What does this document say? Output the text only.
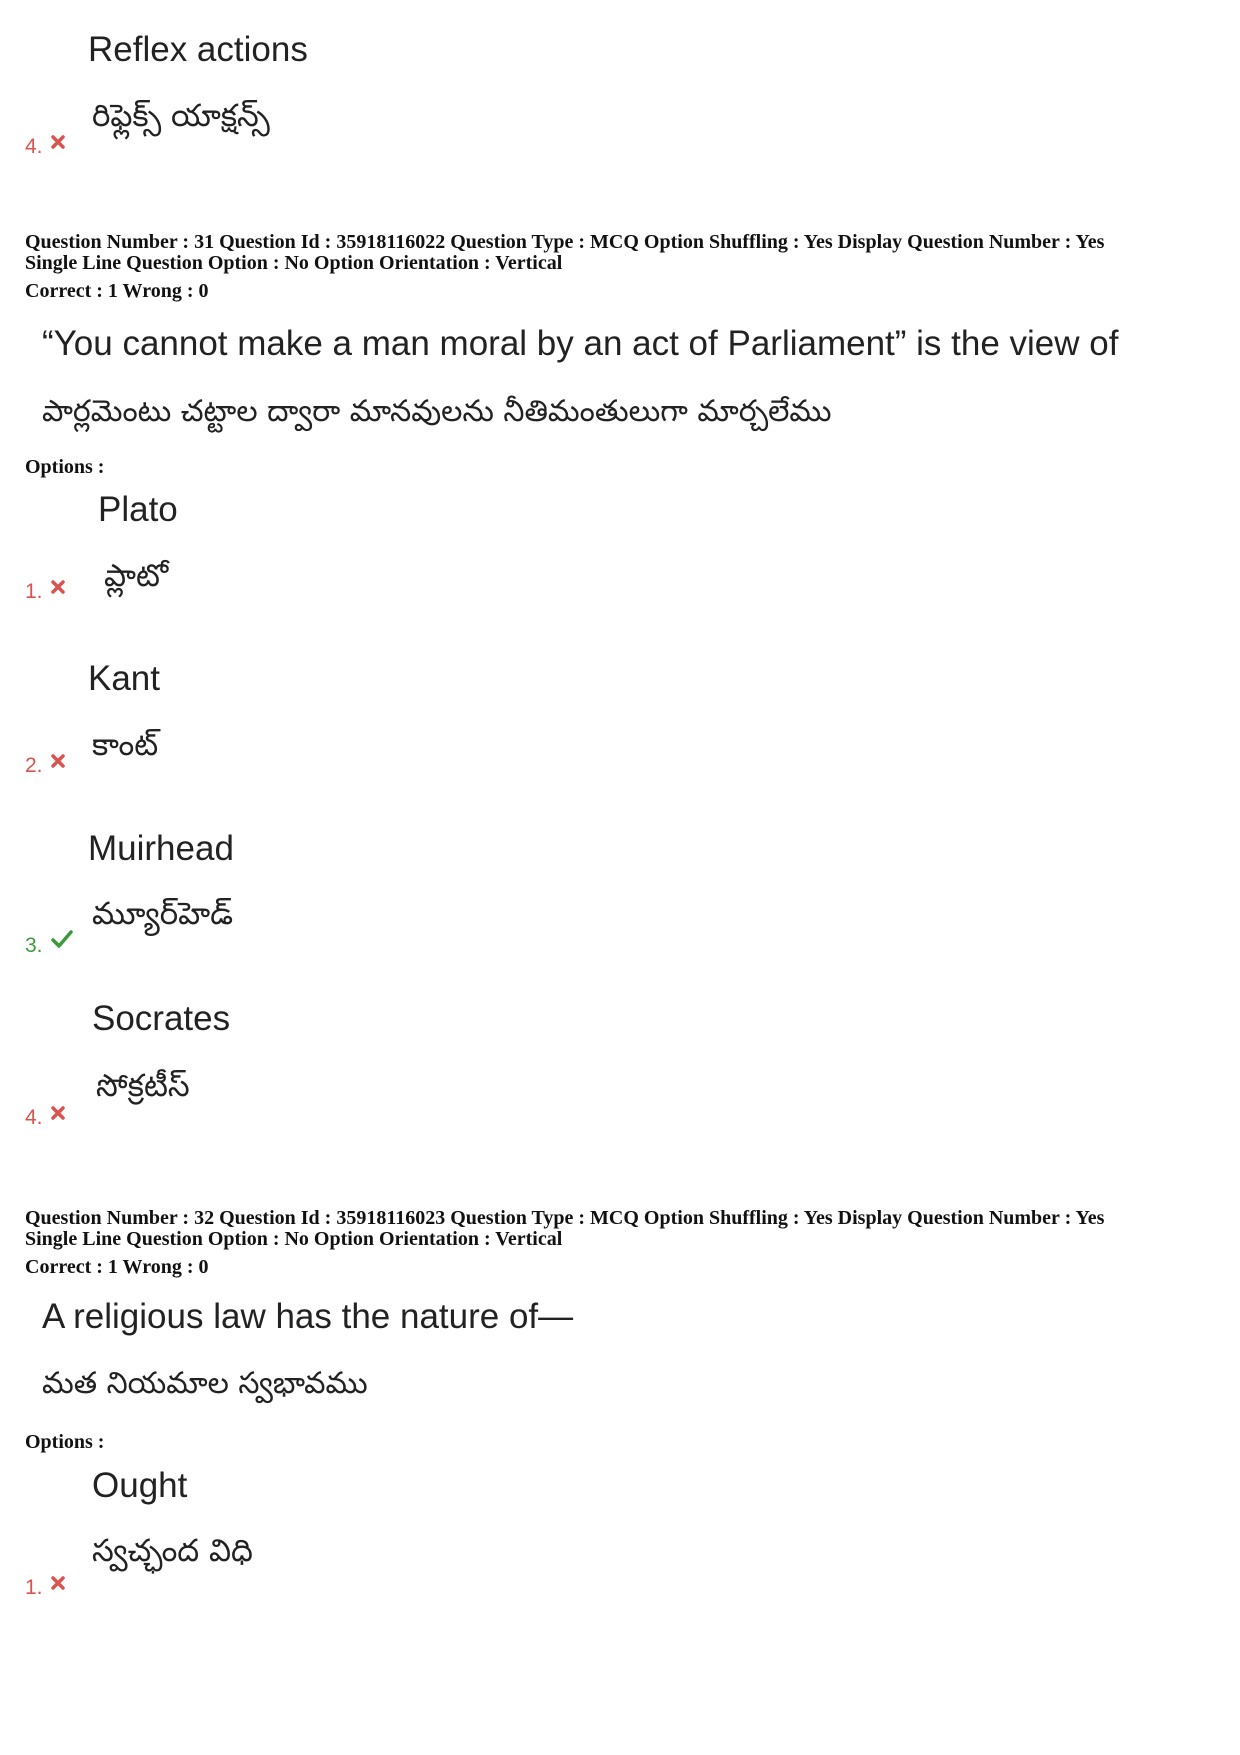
Reflex actions
రిఫ్లెక్స్ యాక్షన్స్
4.
Question Number : 31 Question Id : 35918116022 Question Type : MCQ Option Shuffling : Yes Display Question Number : Yes
Single Line Question Option : No Option Orientation : Vertical
Correct : 1 Wrong : 0
“You cannot make a man moral by an act of Parliament” is the view of
పార్లమెంటు చట్టాల ద్వారా మానవులను నీతిమంతులుగా మార్చలేము
Options :
Plato
ప్లాటో
1.
Kant
కాంట్
2.
Muirhead
మ్యూర్‌హెడ్
3.
Socrates
సోక్రటీస్
4.
Question Number : 32 Question Id : 35918116023 Question Type : MCQ Option Shuffling : Yes Display Question Number : Yes
Single Line Question Option : No Option Orientation : Vertical
Correct : 1 Wrong : 0
A religious law has the nature of—
మత నియమాల స్వభావము
Options :
Ought
స్వచ్ఛంద విధి
1.
